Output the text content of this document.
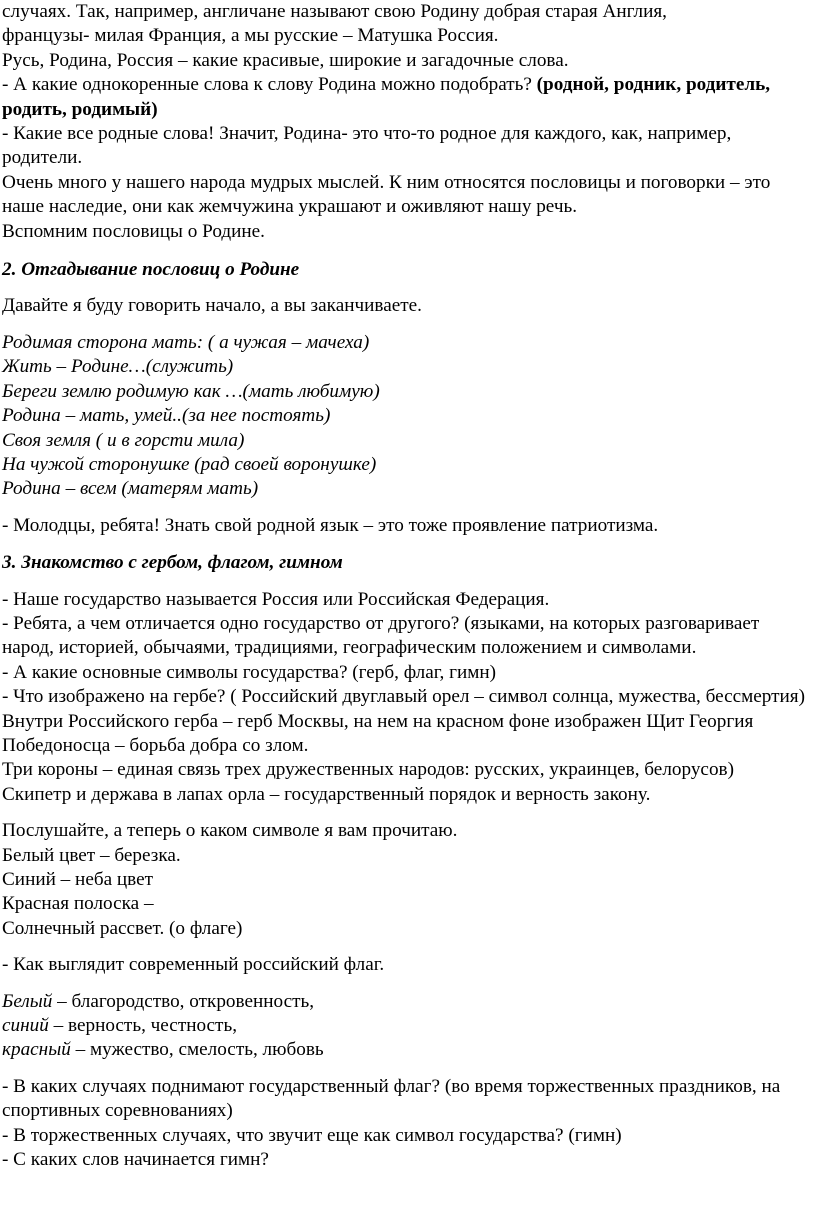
случаях. Так, например, англичане называют свою Родину добрая старая Англия,

французы- милая Франция, а мы русские – Матушка Россия.

Русь, Родина, Россия – какие красивые, широкие и загадочные слова.

- А какие однокоренные слова к слову Родина можно подобрать? (родной, родник, родитель, родить, родимый)

- Какие все родные слова! Значит, Родина- это что-то родное для каждого, как, например, родители.

Очень много у нашего народа мудрых мыслей. К ним относятся пословицы и поговорки – это наше наследие, они как жемчужина украшают и оживляют нашу речь.

Вспомним пословицы о Родине.

2. Отгадывание пословиц о Родине

Давайте я буду говорить начало, а вы заканчиваете.

Родимая сторона мать: ( а чужая – мачеха)

Жить – Родине…(служить)

Береги землю родимую как …(мать любимую)

Родина – мать, умей..(за нее постоять)

Своя земля ( и в горсти мила)

На чужой сторонушке (рад своей воронушке)

Родина – всем (матерям мать)

- Молодцы, ребята! Знать свой родной язык – это тоже проявление патриотизма.

3. Знакомство с гербом, флагом, гимном

- Наше государство называется Россия или Российская Федерация.

- Ребята, а чем отличается одно государство от другого? (языками, на которых разговаривает народ, историей, обычаями, традициями, географическим положением и символами.

- А какие основные символы государства? (герб, флаг, гимн)

- Что изображено на гербе? ( Российский двуглавый орел – символ солнца, мужества, бессмертия)

Внутри Российского герба – герб Москвы, на нем на красном фоне изображен Щит Георгия Победоносца – борьба добра со злом.

Три короны – единая связь трех дружественных народов: русских, украинцев, белорусов)

Скипетр и держава в лапах орла – государственный порядок и верность закону.

Послушайте, а теперь о каком символе я вам прочитаю.

Белый цвет – березка.

Синий – неба цвет

Красная полоска –

Солнечный рассвет. (о флаге)

- Как выглядит современный российский флаг.

Белый – благородство, откровенность,

синий – верность, честность,

красный – мужество, смелость, любовь

- В каких случаях поднимают государственный флаг? (во время торжественных праздников, на спортивных соревнованиях)

- В торжественных случаях, что звучит еще как символ государства? (гимн)

- С каких слов начинается гимн?
